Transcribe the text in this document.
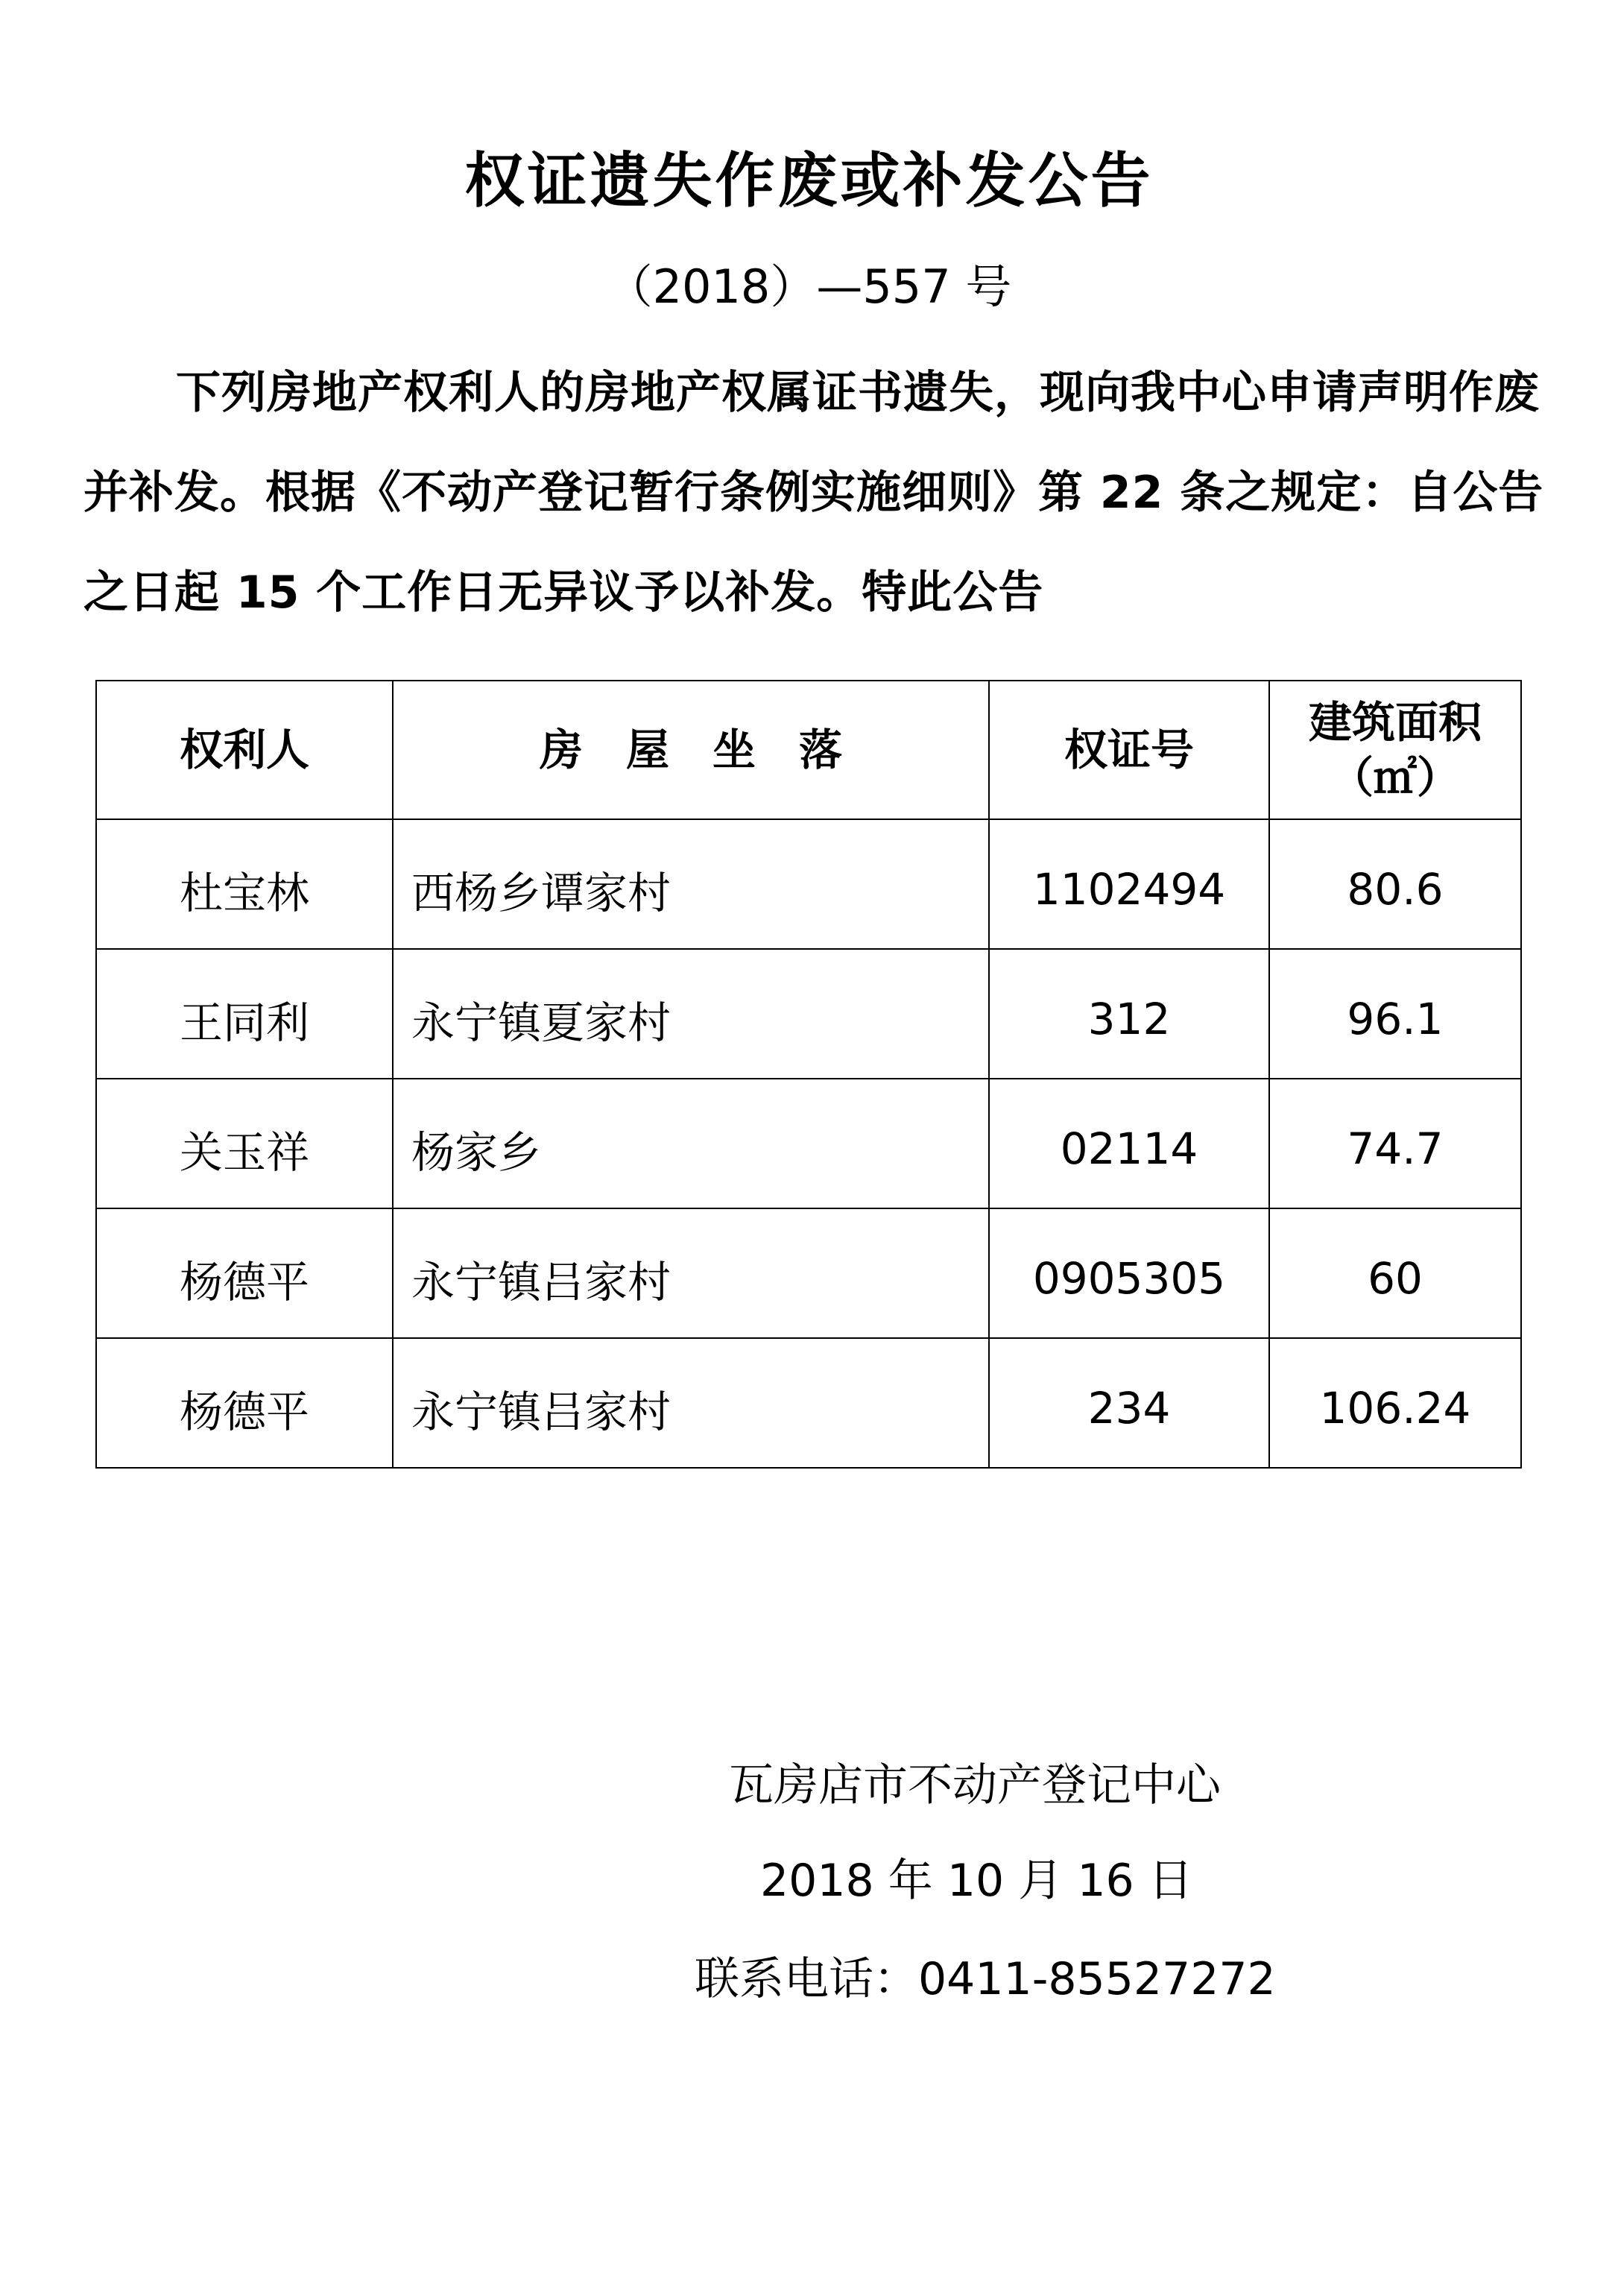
权证遗失作废或补发公告
（2018）—557 号

下列房地产权利人的房地产权属证书遗失，现向我中心申请声明作废并补发。根据《不动产登记暂行条例实施细则》第 22 条之规定：自公告之日起 15 个工作日无异议予以补发。特此公告

权利人	房　屋　坐　落	权证号	建筑面积
（㎡）

杜宝林	西杨乡谭家村	1102494	80.6
王同利	永宁镇夏家村	312	96.1
关玉祥	杨家乡	02114	74.7
杨德平	永宁镇吕家村	0905305	60
杨德平	永宁镇吕家村	234	106.24
瓦房店市不动产登记中心
2018 年 10 月 16 日
联系电话：0411-85527272
